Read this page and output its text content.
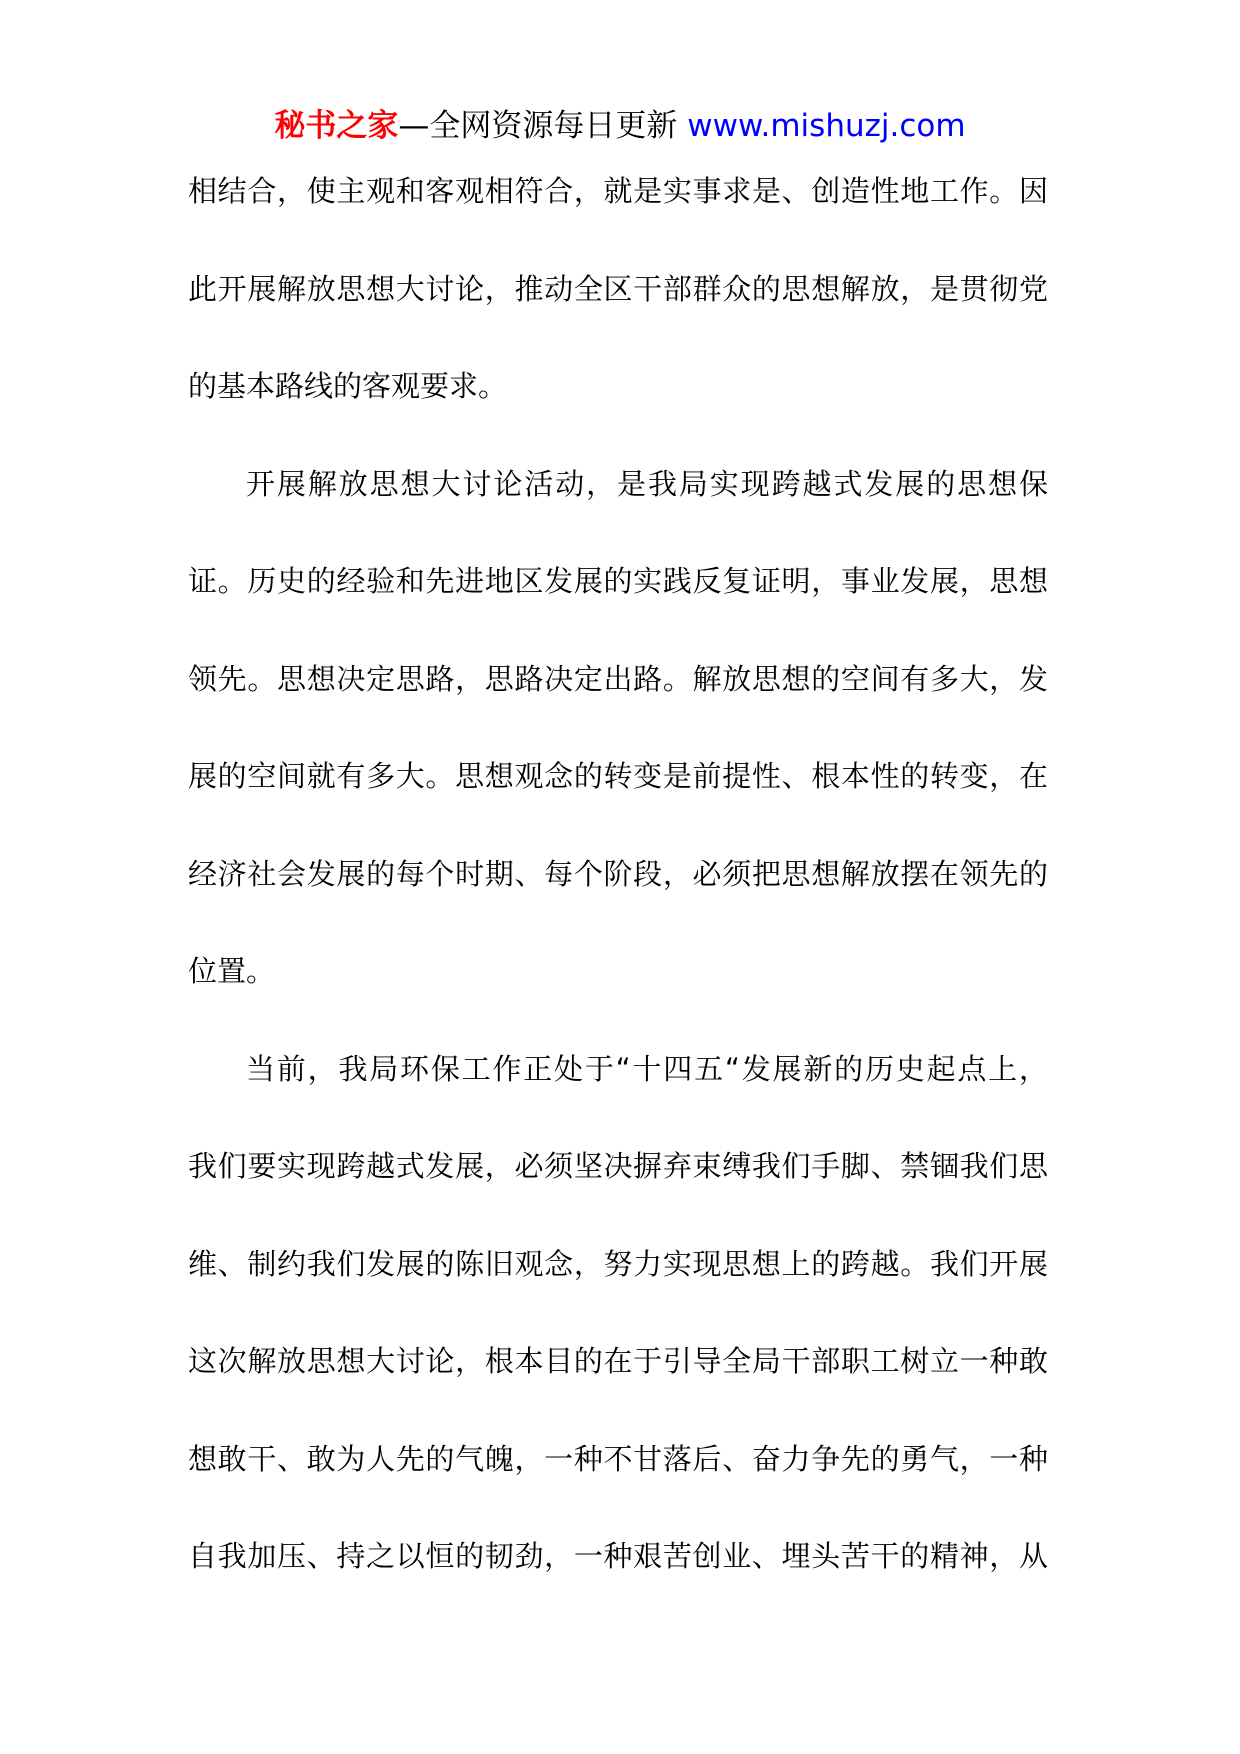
秘书之家—全网资源每日更新 www.mishuzj.com
相结合，使主观和客观相符合，就是实事求是、创造性地工作。因
此开展解放思想大讨论，推动全区干部群众的思想解放，是贯彻党
的基本路线的客观要求。
开展解放思想大讨论活动，是我局实现跨越式发展的思想保
证。历史的经验和先进地区发展的实践反复证明，事业发展，思想
领先。思想决定思路，思路决定出路。解放思想的空间有多大，发
展的空间就有多大。思想观念的转变是前提性、根本性的转变，在
经济社会发展的每个时期、每个阶段，必须把思想解放摆在领先的
位置。
当前，我局环保工作正处于“十四五“发展新的历史起点上，
我们要实现跨越式发展，必须坚决摒弃束缚我们手脚、禁锢我们思
维、制约我们发展的陈旧观念，努力实现思想上的跨越。我们开展
这次解放思想大讨论，根本目的在于引导全局干部职工树立一种敢
想敢干、敢为人先的气魄，一种不甘落后、奋力争先的勇气，一种
自我加压、持之以恒的韧劲，一种艰苦创业、埋头苦干的精神，从
